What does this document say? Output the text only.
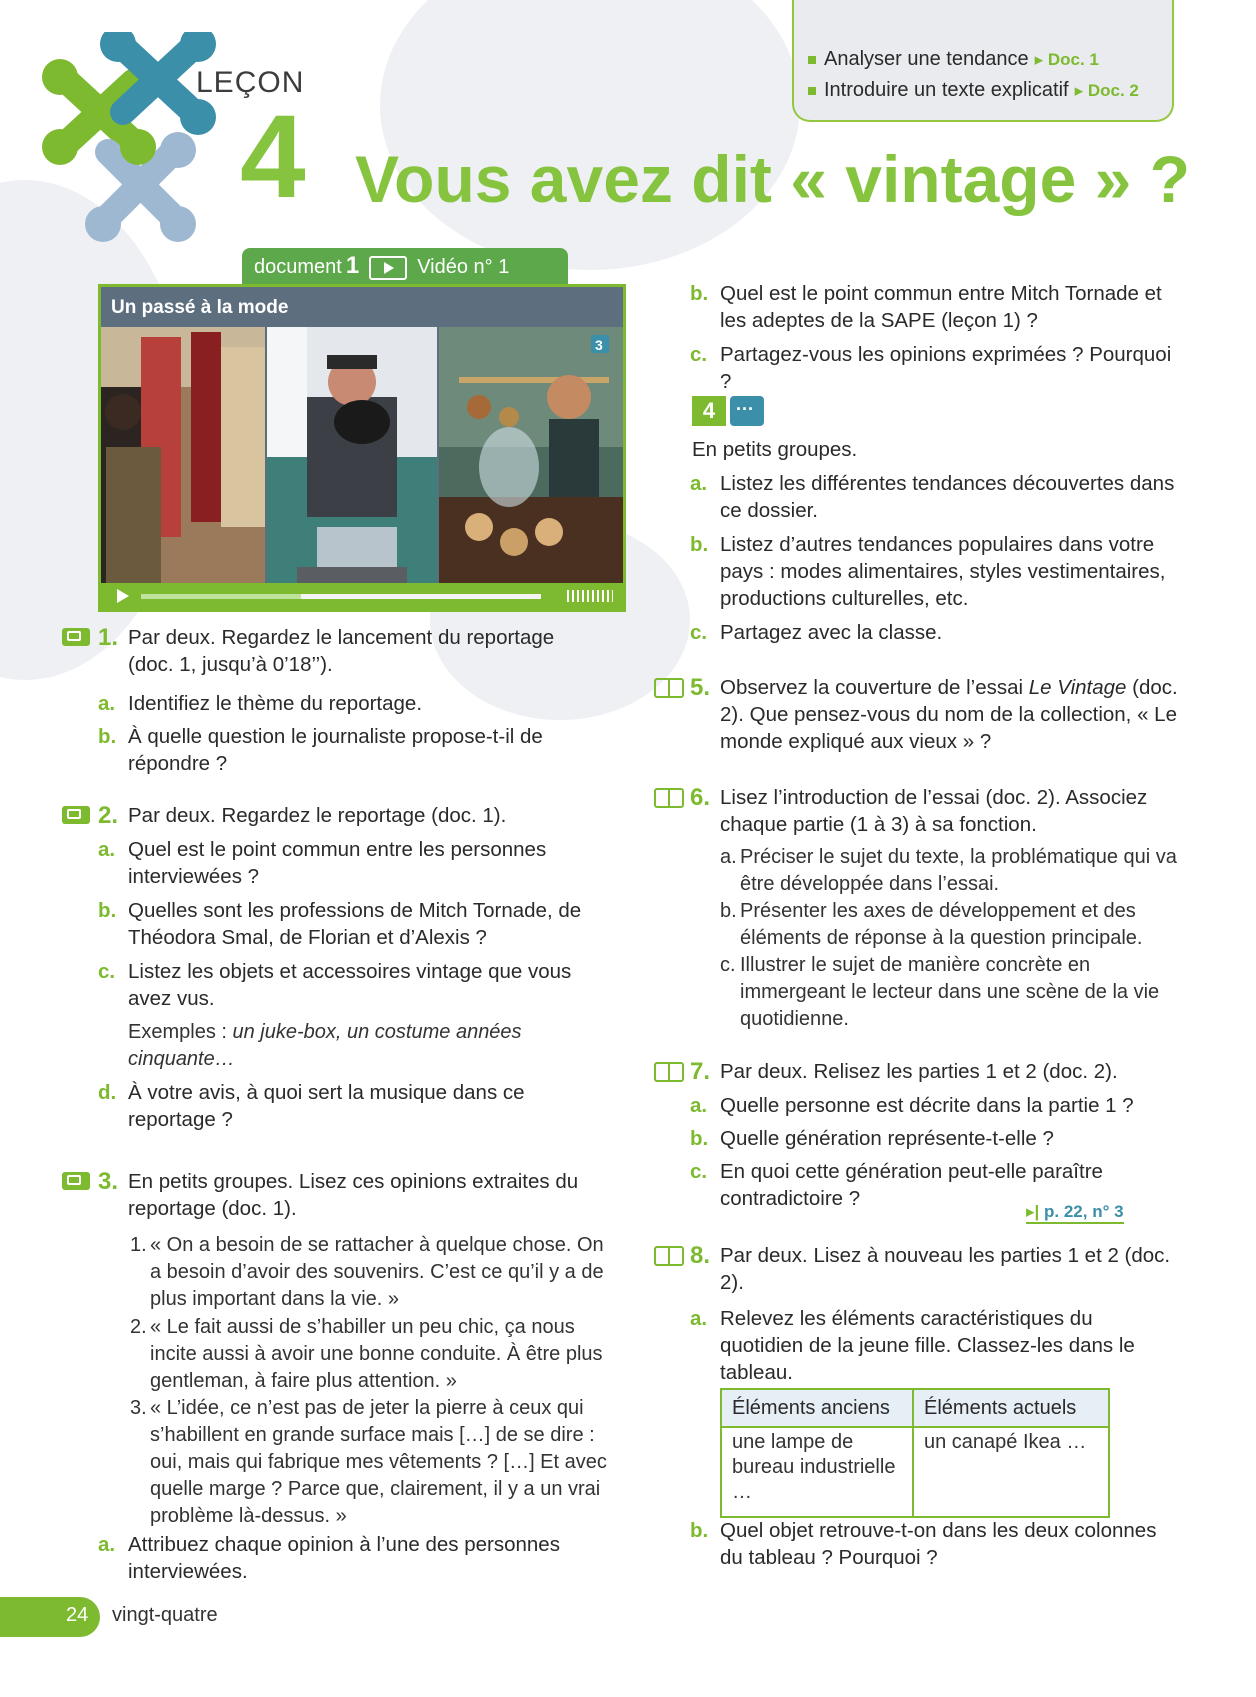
Analyser une tendance ▸ Doc. 1
Introduire un texte explicatif ▸ Doc. 2
LEÇON
4 Vous avez dit « vintage » ?
document 1	Vidéo n° 1
Un passé à la mode
3
1. Par deux. Regardez le lancement du reportage (doc. 1, jusqu’à 0’18’’).

a. Identifiez le thème du reportage.
b. À quelle question le journaliste propose-t-il de répondre ?
2. Par deux. Regardez le reportage (doc. 1).

a. Quel est le point commun entre les personnes interviewées ?
b. Quelles sont les professions de Mitch Tornade, de Théodora Smal, de Florian et d’Alexis ?
c. Listez les objets et accessoires vintage que vous avez vus.
Exemples : un juke-box, un costume années cinquante…
d. À votre avis, à quoi sert la musique dans ce reportage ?
3. En petits groupes. Lisez ces opinions extraites du reportage (doc. 1).

1. « On a besoin de se rattacher à quelque chose. On a besoin d’avoir des souvenirs. C’est ce qu’il y a de plus important dans la vie. »
2. « Le fait aussi de s’habiller un peu chic, ça nous incite aussi à avoir une bonne conduite. À être plus gentleman, à faire plus attention. »
3. « L’idée, ce n’est pas de jeter la pierre à ceux qui s’habillent en grande surface mais […] de se dire : oui, mais qui fabrique mes vêtements ? […] Et avec quelle marge ? Parce que, clairement, il y a un vrai problème là-dessus. »
a. Attribuez chaque opinion à l’une des personnes interviewées.
b. Quel est le point commun entre Mitch Tornade et les adeptes de la SAPE (leçon 1) ?
c. Partagez-vous les opinions exprimées ? Pourquoi ?
4
···
En petits groupes.
a. Listez les différentes tendances découvertes dans ce dossier.
b. Listez d’autres tendances populaires dans votre pays : modes alimentaires, styles vestimentaires, productions culturelles, etc.
c. Partagez avec la classe.
5. Observez la couverture de l’essai Le Vintage (doc. 2). Que pensez-vous du nom de la collection, « Le monde expliqué aux vieux » ?

6. Lisez l’introduction de l’essai (doc. 2). Associez chaque partie (1 à 3) à sa fonction.

a. Préciser le sujet du texte, la problématique qui va être développée dans l’essai.
b. Présenter les axes de développement et des éléments de réponse à la question principale.
c. Illustrer le sujet de manière concrète en immergeant le lecteur dans une scène de la vie quotidienne.
7. Par deux. Relisez les parties 1 et 2 (doc. 2).

a. Quelle personne est décrite dans la partie 1 ?
b. Quelle génération représente-t-elle ?
c. En quoi cette génération peut-elle paraître contradictoire ?
▸| p. 22, n° 3
8. Par deux. Lisez à nouveau les parties 1 et 2 (doc. 2).

a. Relevez les éléments caractéristiques du quotidien de la jeune fille. Classez-les dans le tableau.
Éléments anciens	Éléments actuels
une lampe de bureau industrielle …	un canapé Ikea …
b. Quel objet retrouve-t-on dans les deux colonnes du tableau ? Pourquoi ?
24 vingt-quatre
